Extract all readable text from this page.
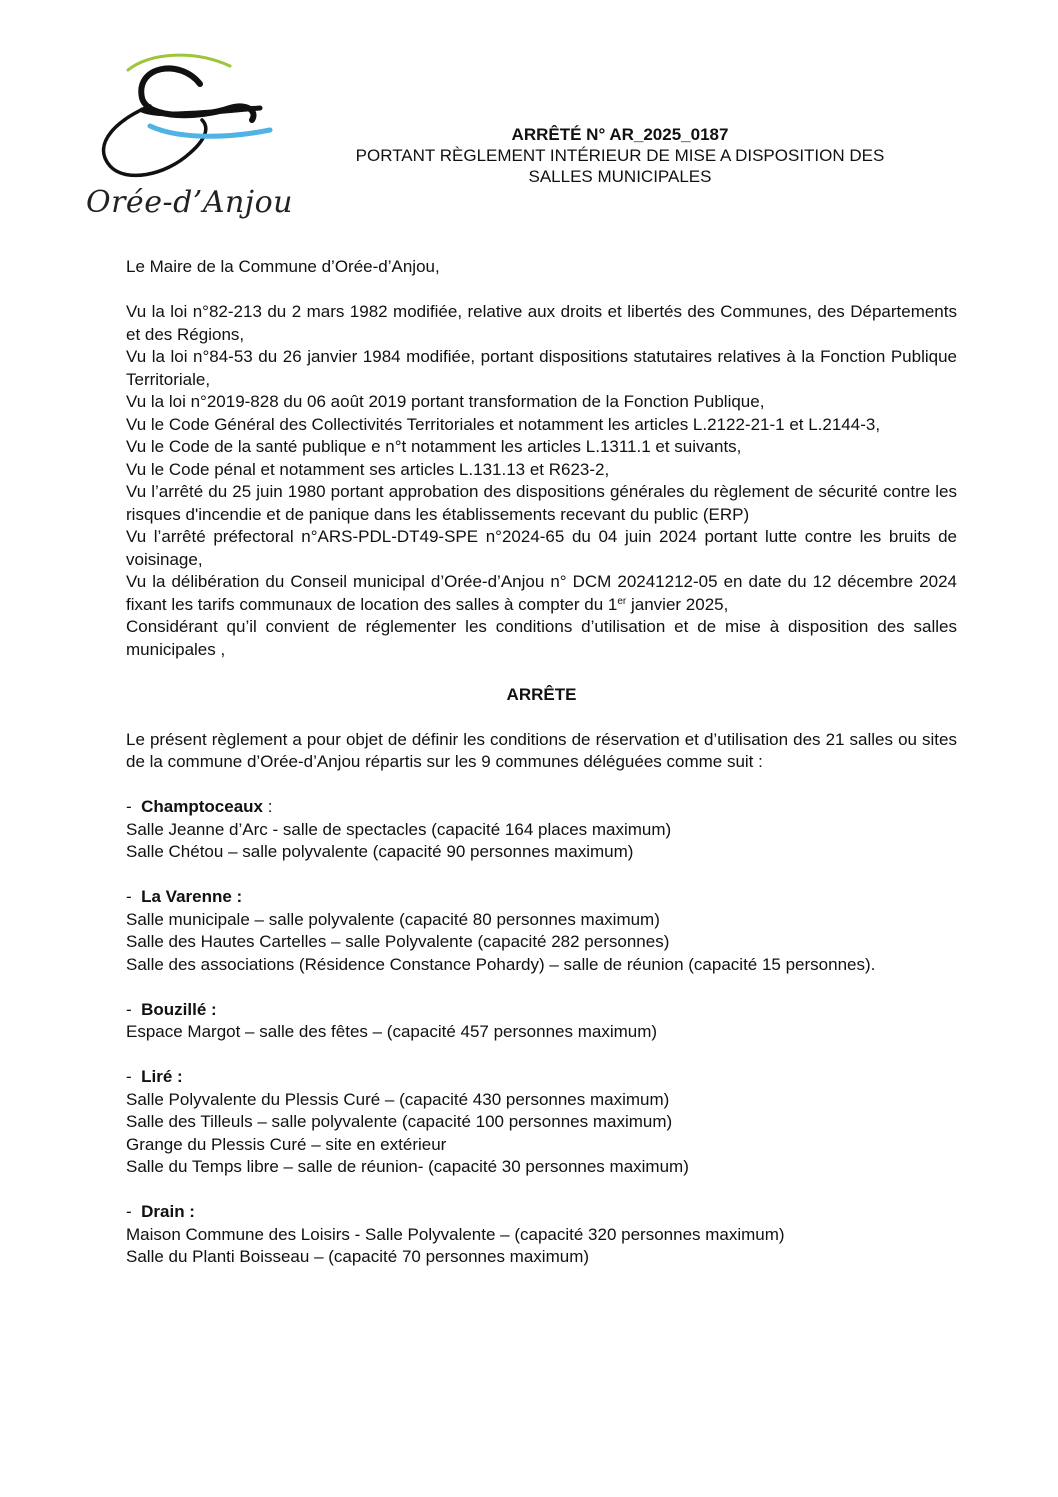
Orée-d’Anjou
ARRÊTÉ N° AR_2025_0187
PORTANT RÈGLEMENT INTÉRIEUR DE MISE A DISPOSITION DES
SALLES MUNICIPALES

Le Maire de la Commune d’Orée-d’Anjou,

Vu la loi n°82-213 du 2 mars 1982 modifiée, relative aux droits et libertés des Communes, des Départements et des Régions,

Vu la loi n°84-53 du 26 janvier 1984 modifiée, portant dispositions statutaires relatives à la Fonction Publique Territoriale,

Vu la loi n°2019-828 du 06 août 2019 portant transformation de la Fonction Publique,

Vu le Code Général des Collectivités Territoriales et notamment les articles L.2122-21-1 et L.2144-3,

Vu le Code de la santé publique e n°t notamment les articles L.1311.1 et suivants,

Vu le Code pénal et notamment ses articles L.131.13 et R623-2,

Vu l’arrêté du 25 juin 1980 portant approbation des dispositions générales du règlement de sécurité contre les risques d'incendie et de panique dans les établissements recevant du public (ERP)

Vu l’arrêté préfectoral n°ARS-PDL-DT49-SPE n°2024-65 du 04 juin 2024 portant lutte contre les bruits de voisinage,

Vu la délibération du Conseil municipal d’Orée-d’Anjou n° DCM 20241212-05 en date du 12 décembre 2024 fixant les tarifs communaux de location des salles à compter du 1er janvier 2025,

Considérant qu’il convient de réglementer les conditions d’utilisation et de mise à disposition des salles municipales ,

ARRÊTE

Le présent règlement a pour objet de définir les conditions de réservation et d’utilisation des 21 salles ou sites de la commune d’Orée-d’Anjou répartis sur les 9 communes déléguées comme suit :

- Champtoceaux :

Salle Jeanne d’Arc - salle de spectacles (capacité 164 places maximum)

Salle Chétou – salle polyvalente (capacité 90 personnes maximum)

- La Varenne :

Salle municipale – salle polyvalente (capacité 80 personnes maximum)

Salle des Hautes Cartelles – salle Polyvalente (capacité 282 personnes)

Salle des associations (Résidence Constance Pohardy) – salle de réunion (capacité 15 personnes).

- Bouzillé :

Espace Margot – salle des fêtes – (capacité 457 personnes maximum)

- Liré :

Salle Polyvalente du Plessis Curé – (capacité 430 personnes maximum)

Salle des Tilleuls – salle polyvalente (capacité 100 personnes maximum)

Grange du Plessis Curé – site en extérieur

Salle du Temps libre – salle de réunion- (capacité 30 personnes maximum)

- Drain :

Maison Commune des Loisirs - Salle Polyvalente – (capacité 320 personnes maximum)

Salle du Planti Boisseau – (capacité 70 personnes maximum)
